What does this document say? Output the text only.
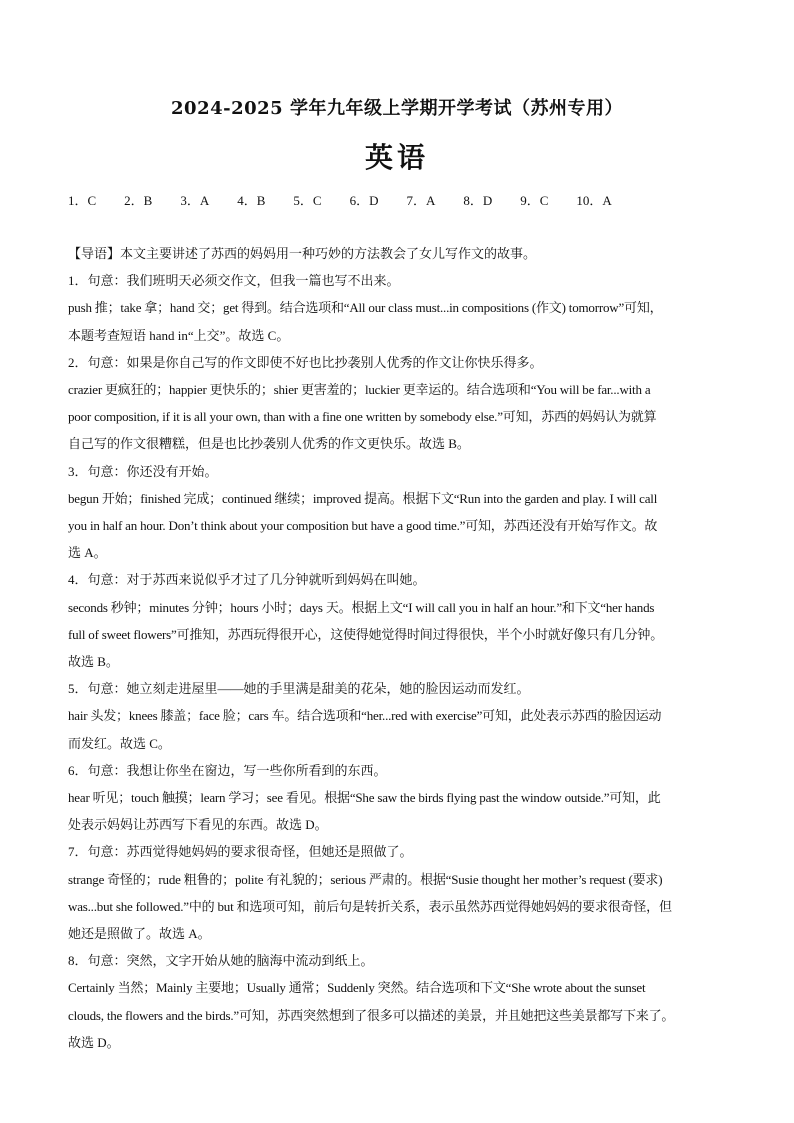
2024-2025 学年九年级上学期开学考试（苏州专用）
英语
1．C 2．B 3．A 4．B 5．C 6．D 7．A 8．D 9．C 10．A

【导语】本文主要讲述了苏西的妈妈用一种巧妙的方法教会了女儿写作文的故事。

1．句意：我们班明天必须交作文，但我一篇也写不出来。

push 推；take 拿；hand 交；get 得到。结合选项和“All our class must...in compositions (作文) tomorrow”可知，

本题考查短语 hand in“上交”。故选 C。

2．句意：如果是你自己写的作文即使不好也比抄袭别人优秀的作文让你快乐得多。

crazier 更疯狂的；happier 更快乐的；shier 更害羞的；luckier 更幸运的。结合选项和“You will be far...with a

poor composition, if it is all your own, than with a fine one written by somebody else.”可知，苏西的妈妈认为就算

自己写的作文很糟糕，但是也比抄袭别人优秀的作文更快乐。故选 B。

3．句意：你还没有开始。

begun 开始；finished 完成；continued 继续；improved 提高。根据下文“Run into the garden and play. I will call

you in half an hour. Don’t think about your composition but have a good time.”可知，苏西还没有开始写作文。故

选 A。

4．句意：对于苏西来说似乎才过了几分钟就听到妈妈在叫她。

seconds 秒钟；minutes 分钟；hours 小时；days 天。根据上文“I will call you in half an hour.”和下文“her hands

full of sweet flowers”可推知，苏西玩得很开心，这使得她觉得时间过得很快，半个小时就好像只有几分钟。

故选 B。

5．句意：她立刻走进屋里——她的手里满是甜美的花朵，她的脸因运动而发红。

hair 头发；knees 膝盖；face 脸；cars 车。结合选项和“her...red with exercise”可知，此处表示苏西的脸因运动

而发红。故选 C。

6．句意：我想让你坐在窗边，写一些你所看到的东西。

hear 听见；touch 触摸；learn 学习；see 看见。根据“She saw the birds flying past the window outside.”可知，此

处表示妈妈让苏西写下看见的东西。故选 D。

7．句意：苏西觉得她妈妈的要求很奇怪，但她还是照做了。

strange 奇怪的；rude 粗鲁的；polite 有礼貌的；serious 严肃的。根据“Susie thought her mother’s request (要求)

was...but she followed.”中的 but 和选项可知，前后句是转折关系，表示虽然苏西觉得她妈妈的要求很奇怪，但

她还是照做了。故选 A。

8．句意：突然，文字开始从她的脑海中流动到纸上。

Certainly 当然；Mainly 主要地；Usually 通常；Suddenly 突然。结合选项和下文“She wrote about the sunset

clouds, the flowers and the birds.”可知，苏西突然想到了很多可以描述的美景，并且她把这些美景都写下来了。

故选 D。
